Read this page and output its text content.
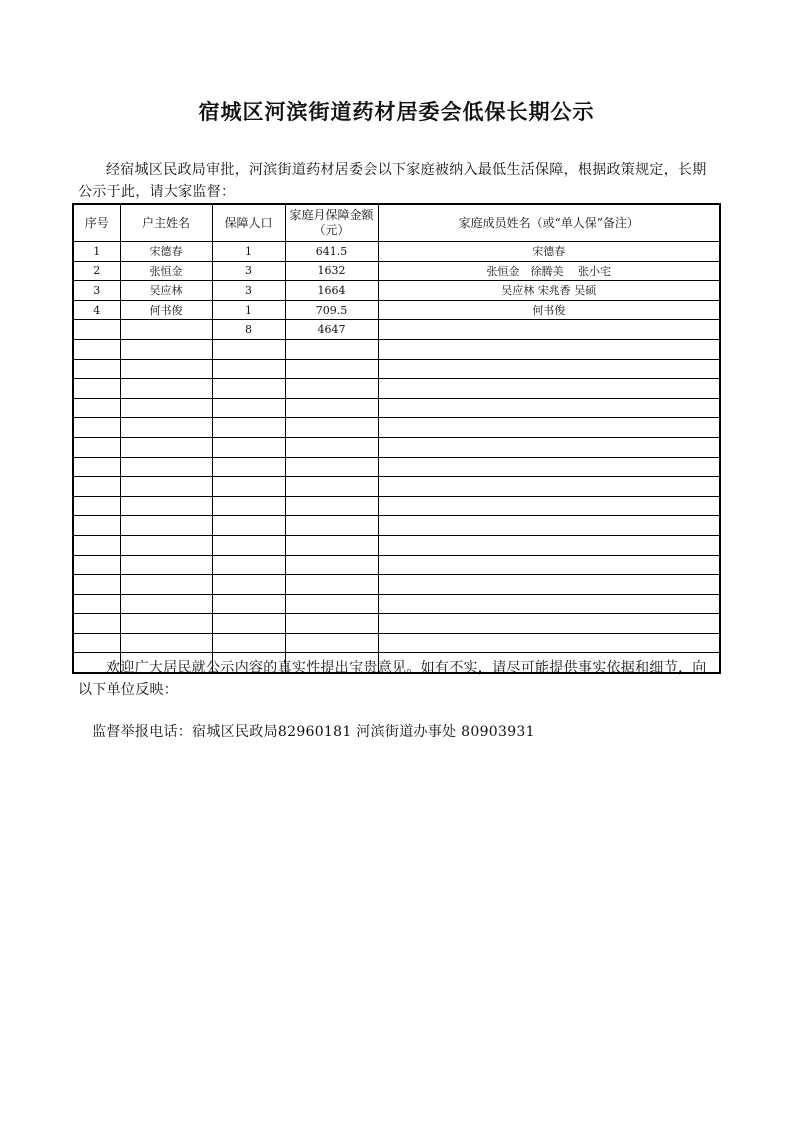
宿城区河滨街道药材居委会低保长期公示
经宿城区民政局审批，河滨街道药材居委会以下家庭被纳入最低生活保障，根据政策规定，长期公示于此，请大家监督：
序号	户主姓名	保障人口	家庭月保障金额（元）	家庭成员姓名（或“单人保”备注）
1	宋德春	1	641.5	宋德春
2	张恒金	3	1632	张恒金　徐腾美　 张小宅
3	吴应林	3	1664	吴应林 宋兆香 吴硕
4	何书俊	1	709.5	何书俊
		8	4647	

欢迎广大居民就公示内容的真实性提出宝贵意见。如有不实，请尽可能提供事实依据和细节，向以下单位反映：
监督举报电话：宿城区民政局82960181 河滨街道办事处 80903931
